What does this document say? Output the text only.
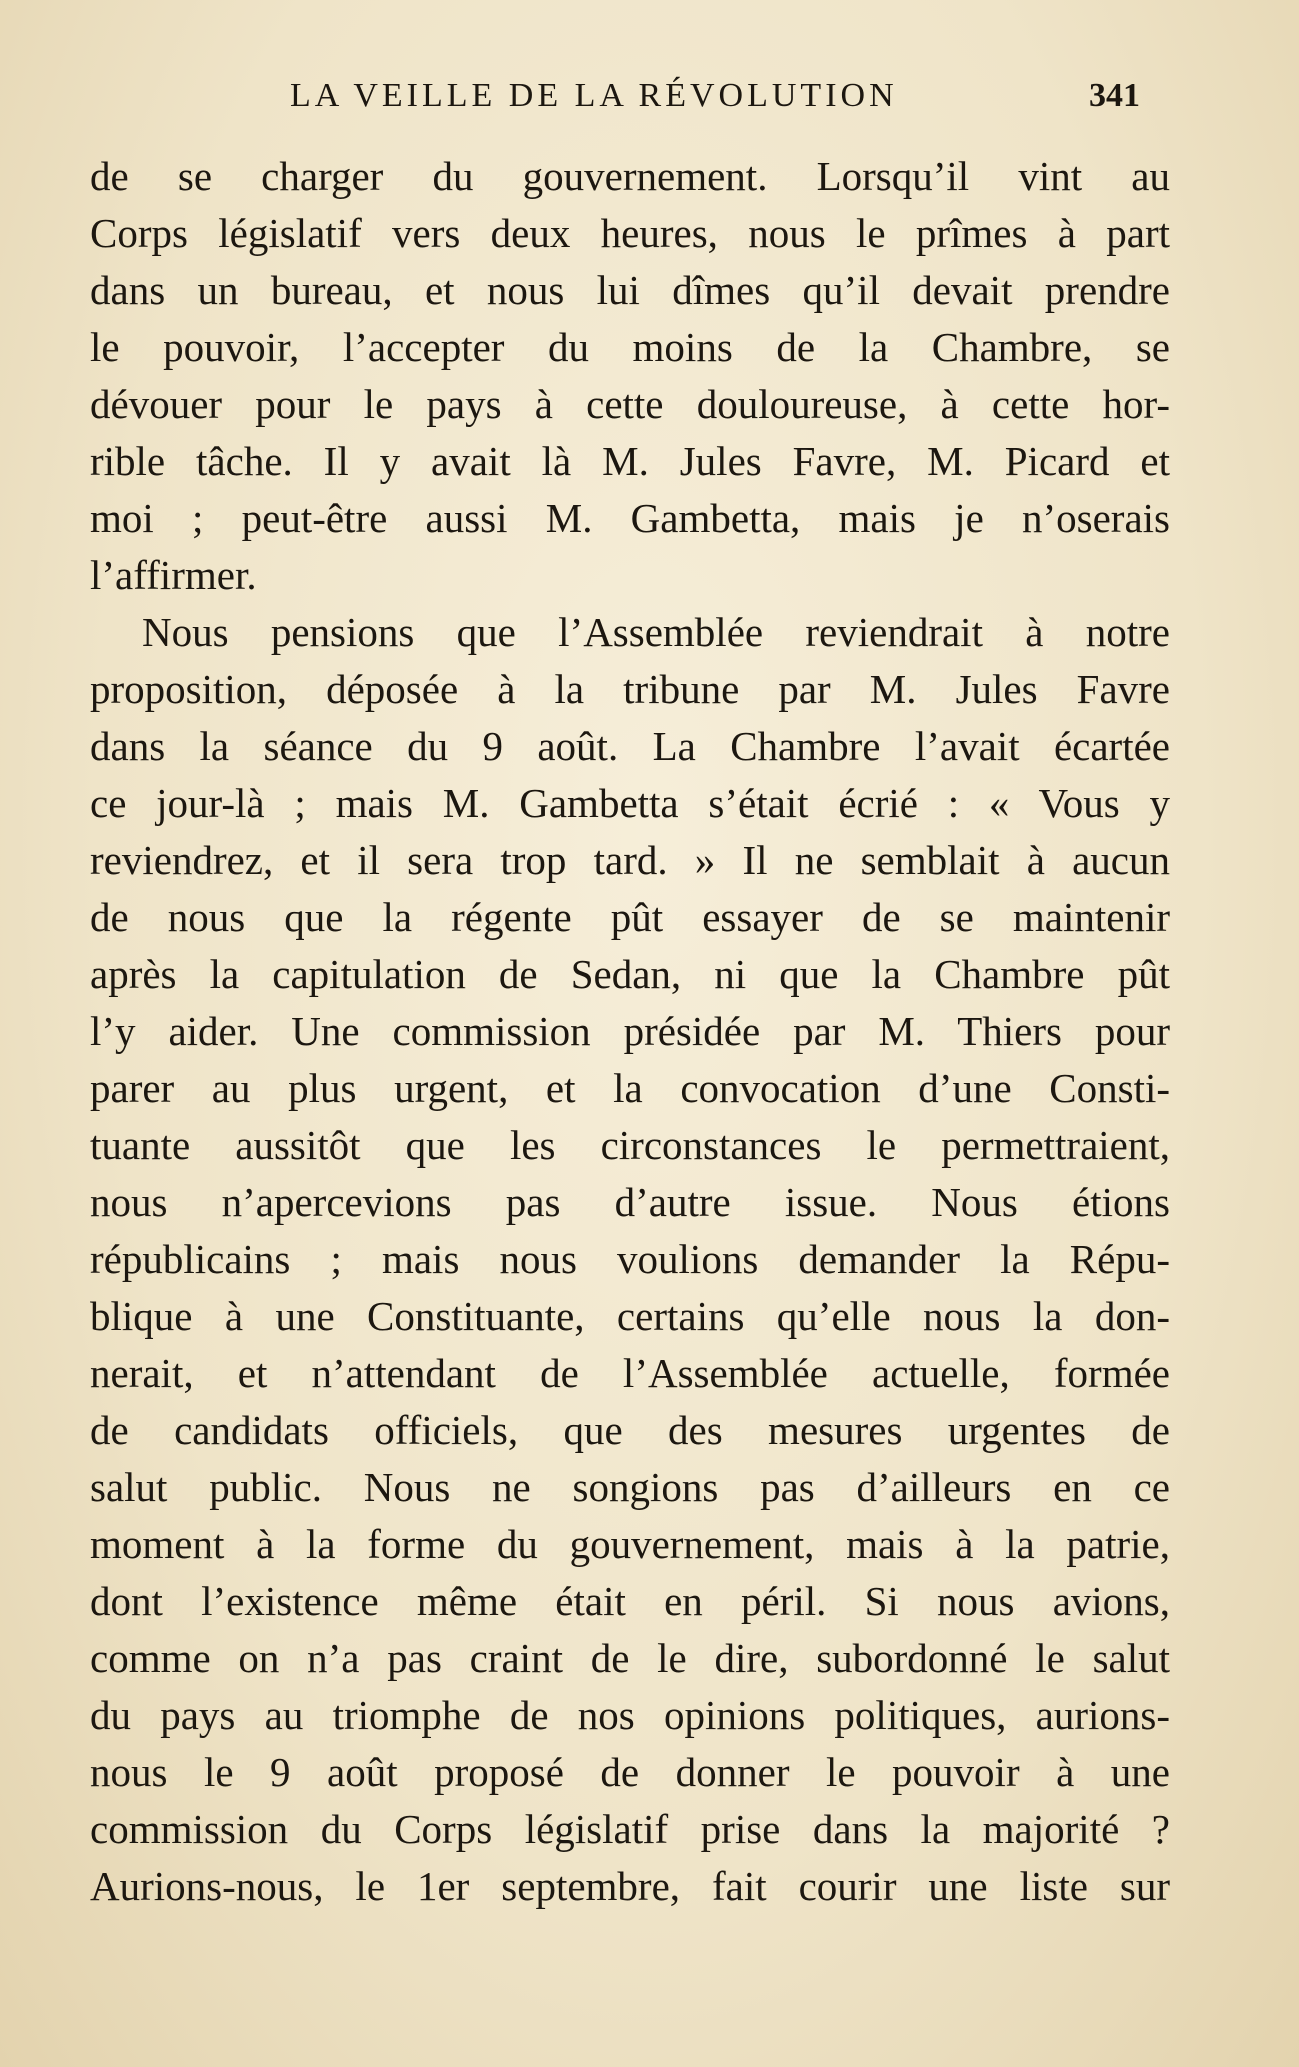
LA VEILLE DE LA RÉVOLUTION	341
de se charger du gouvernement. Lorsqu’il vint au
Corps législatif vers deux heures, nous le prîmes à part
dans un bureau, et nous lui dîmes qu’il devait prendre
le pouvoir, l’accepter du moins de la Chambre, se
dévouer pour le pays à cette douloureuse, à cette hor-
rible tâche. Il y avait là M. Jules Favre, M. Picard et
moi ; peut-être aussi M. Gambetta, mais je n’oserais
l’affirmer.
Nous pensions que l’Assemblée reviendrait à notre
proposition, déposée à la tribune par M. Jules Favre
dans la séance du 9 août. La Chambre l’avait écartée
ce jour-là ; mais M. Gambetta s’était écrié : « Vous y
reviendrez, et il sera trop tard. » Il ne semblait à aucun
de nous que la régente pût essayer de se maintenir
après la capitulation de Sedan, ni que la Chambre pût
l’y aider. Une commission présidée par M. Thiers pour
parer au plus urgent, et la convocation d’une Consti-
tuante aussitôt que les circonstances le permettraient,
nous n’apercevions pas d’autre issue. Nous étions
républicains ; mais nous voulions demander la Répu-
blique à une Constituante, certains qu’elle nous la don-
nerait, et n’attendant de l’Assemblée actuelle, formée
de candidats officiels, que des mesures urgentes de
salut public. Nous ne songions pas d’ailleurs en ce
moment à la forme du gouvernement, mais à la patrie,
dont l’existence même était en péril. Si nous avions,
comme on n’a pas craint de le dire, subordonné le salut
du pays au triomphe de nos opinions politiques, aurions-
nous le 9 août proposé de donner le pouvoir à une
commission du Corps législatif prise dans la majorité ?
Aurions-nous, le 1er septembre, fait courir une liste sur
